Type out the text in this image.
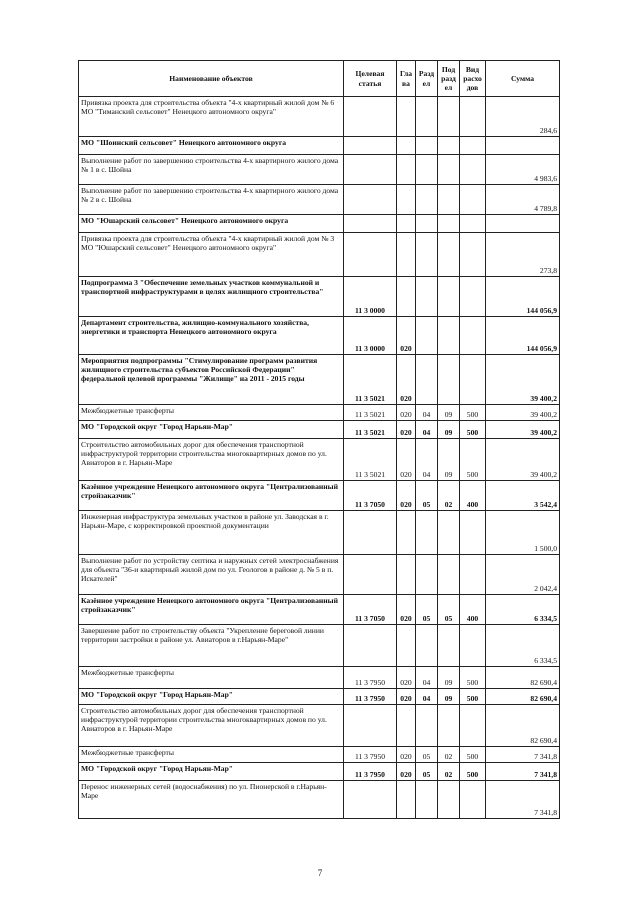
Наименование объектов	Целевая статья	Гла ва	Разд ел	Под разд ел	Вид расхо дов	Сумма
Привязка проекта для строительства объекта "4-х квартирный жилой дом № 6 МО "Тиманский сельсовет" Ненецкого автономного округа"						284,6
МО "Шоинский сельсовет" Ненецкого автономного округа						
Выполнение работ по завершению строительства 4-х квартирного жилого дома № 1 в с. Шойна						4 983,6
Выполнение работ по завершению строительства 4-х квартирного жилого дома № 2 в с. Шойна						4 789,8
МО "Юшарский сельсовет" Ненецкого автономного округа						
Привязка проекта для строительства объекта "4-х квартирный жилой дом № 3 МО "Юшарский сельсовет" Ненецкого автономного округа"						273,8
Подпрограмма 3 "Обеспечение земельных участков коммунальной и транспортной инфраструктурами в целях жилищного строительства"	11 3 0000					144 056,9
Департамент строительства, жилищно-коммунального хозяйства, энергетики и транспорта Ненецкого автономного округа	11 3 0000	020				144 056,9
Мероприятия подпрограммы "Стимулирование программ развития жилищного строительства субъектов Российской Федерации" федеральной целевой программы "Жилище" на 2011 - 2015 годы	11 3 5021	020				39 400,2
Межбюджетные трансферты	11 3 5021	020	04	09	500	39 400,2
МО "Городской округ "Город Нарьян-Мар"	11 3 5021	020	04	09	500	39 400,2
Строительство автомобильных дорог для обеспечения транспортной инфраструктурой территории строительства многоквартирных домов по ул. Авиаторов в г. Нарьян-Маре	11 3 5021	020	04	09	500	39 400,2
Казённое учреждение Ненецкого автономного округа "Централизованный стройзаказчик"	11 3 7050	020	05	02	400	3 542,4
Инженерная инфраструктура земельных участков в районе ул. Заводская в г. Нарьян-Маре, с корректировкой проектной документации						1 500,0
Выполнение работ по устройству септика и наружных сетей электроснабжения для объекта "36-и квартирный жилой дом по ул. Геологов в районе д. № 5 в п. Искателей"						2 042,4
Казённое учреждение Ненецкого автономного округа "Централизованный стройзаказчик"	11 3 7050	020	05	05	400	6 334,5
Завершение работ по строительству объекта "Укрепление береговой линии территории застройки в районе ул. Авиаторов в г.Нарьян-Маре"						6 334,5
Межбюджетные трансферты	11 3 7950	020	04	09	500	82 690,4
МО "Городской округ "Город Нарьян-Мар"	11 3 7950	020	04	09	500	82 690,4
Строительство автомобильных дорог для обеспечения транспортной инфраструктурой территории строительства многоквартирных домов по ул. Авиаторов в г. Нарьян-Маре						82 690,4
Межбюджетные трансферты	11 3 7950	020	05	02	500	7 341,8
МО "Городской округ "Город Нарьян-Мар"	11 3 7950	020	05	02	500	7 341,8
Перенос инженерных сетей (водоснабжения) по ул. Пионерской в г.Нарьян-Маре						7 341,8
7
